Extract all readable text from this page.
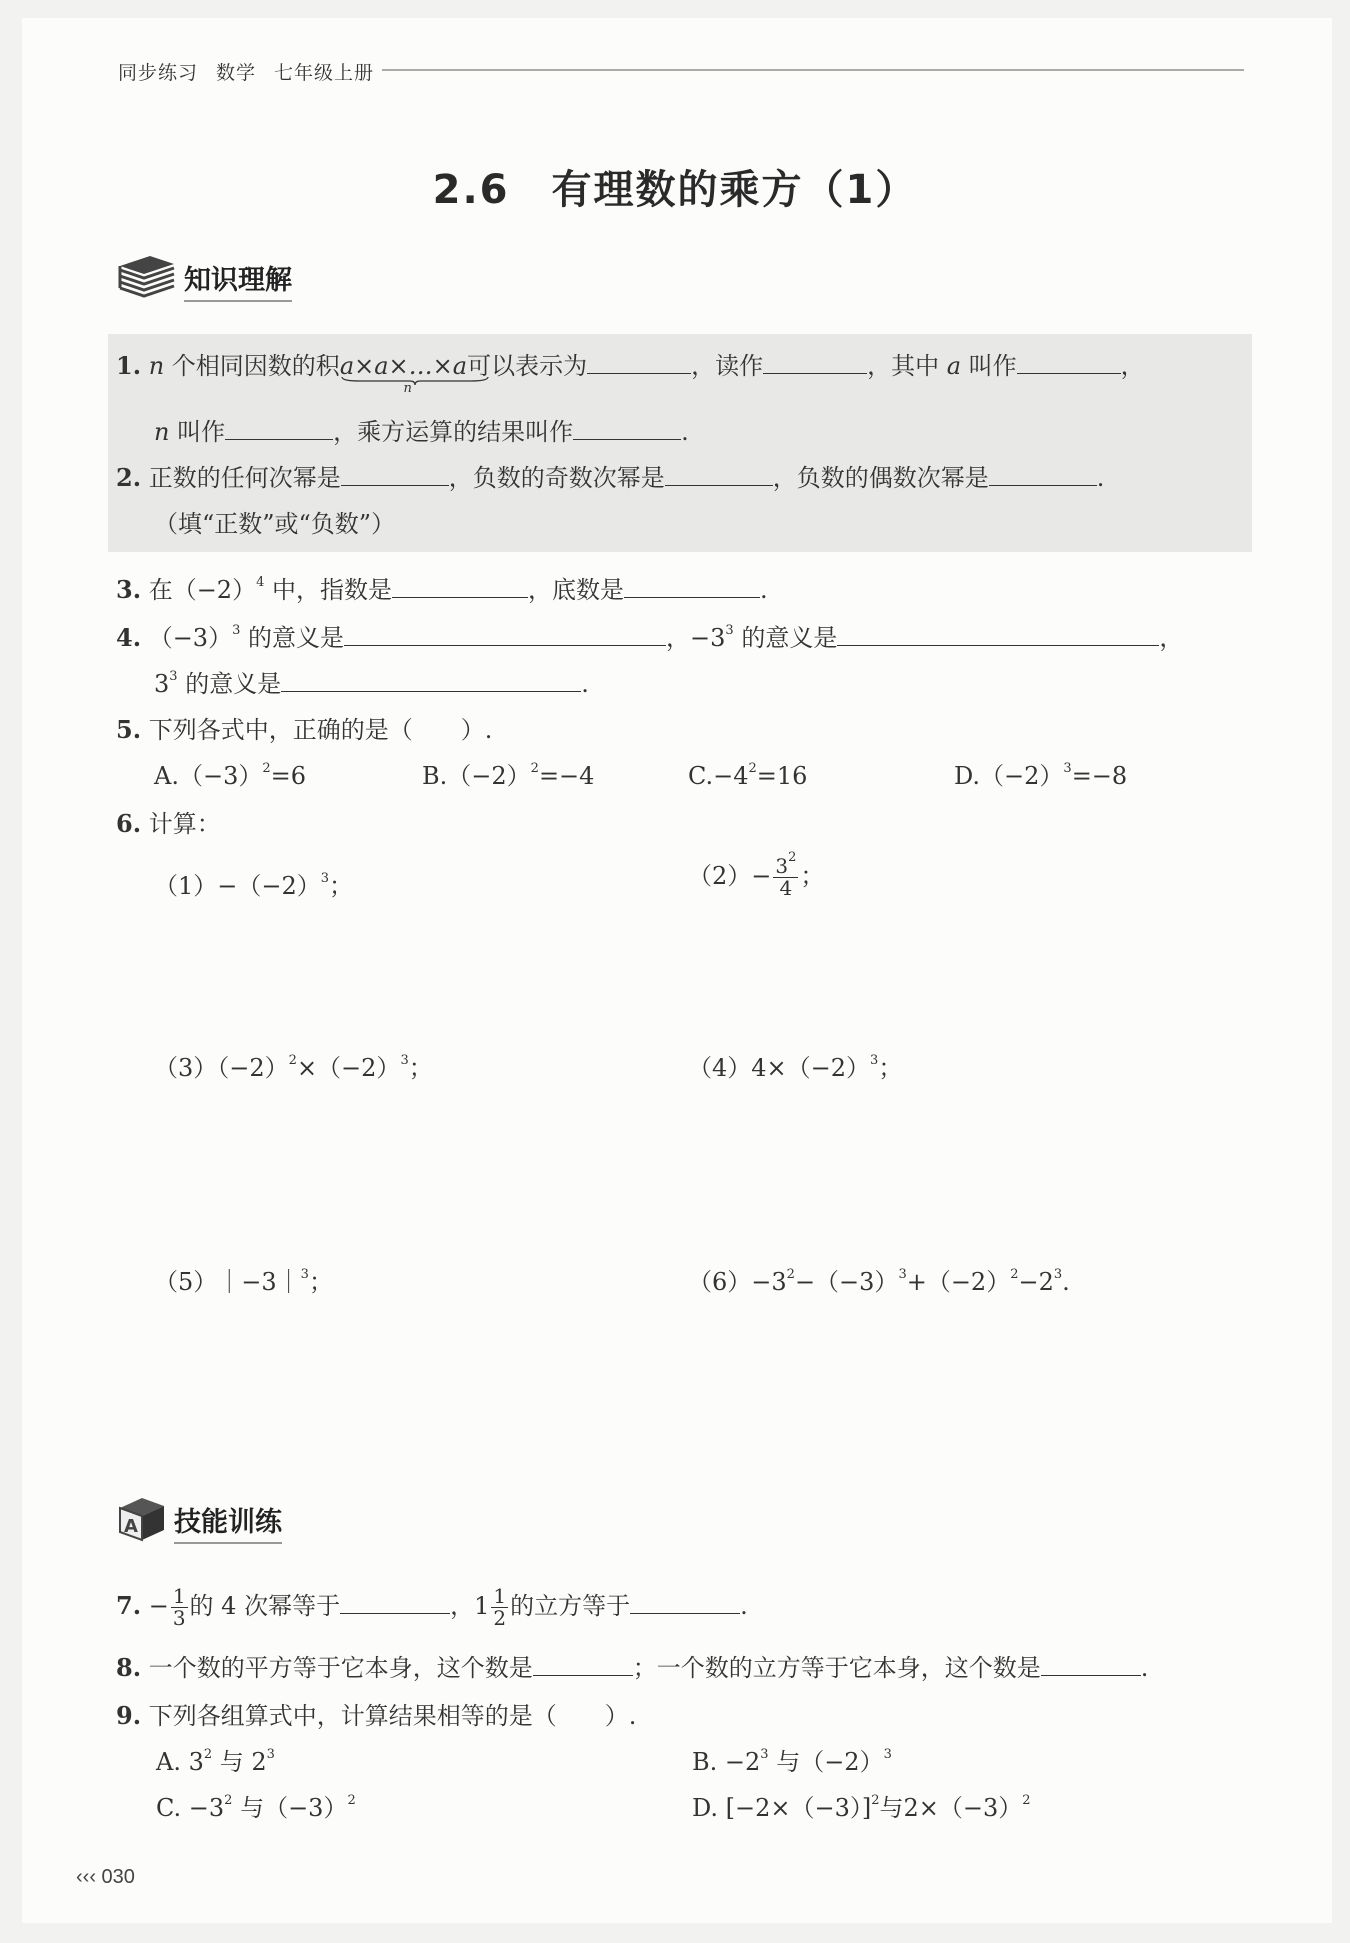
同步练习 数学 七年级上册
2.6　有理数的乘方（1）
知识理解
1. n 个相同因数的积a×a×…×a
n
可以表示为	，读作	，其中 a 叫作	，
n 叫作	，乘方运算的结果叫作	.
2. 正数的任何次幂是	，负数的奇数次幂是	，负数的偶数次幂是	.
（填“正数”或“负数”）
3. 在$(-2)^4$ 中，指数是	，底数是	.
4. $(-3)^3$ 的意义是	，$-3^3$ 的意义是	，
$3^3$ 的意义是	.
5. 下列各式中，正确的是（　　）.
$A.(-3)^2=6$	$B.(-2)^2=-4$	$C.-4^2=16$	$D.(-2)^3=-8$
6. 计算：
$(1)-(-2)^3$；	$(2)- \frac{3^2}{4}$ ；
$(3)(-2)^2\times(-2)^3$；	$(4)4\times(-2)^3$；
（5）｜−3｜$^3$；	$(6)-3^2-(-3)^3+(-2)^2-2^3$.
A 技能训练
7. − $\frac{1}{3}$ 的 4 次幂等于	，$1 \frac{1}{2}$ 的立方等于	.
8. 一个数的平方等于它本身，这个数是	；一个数的立方等于它本身，这个数是	.
9. 下列各组算式中，计算结果相等的是（　　）.
A. $3^2$ 与 $2^3$	B. $-2^3$ 与$(-2)^3$
C. $-3^2$ 与$(-3)^2$	D. $[-2\times(-3)]^2$与$2\times(-3)^2$
‹‹‹ 030
